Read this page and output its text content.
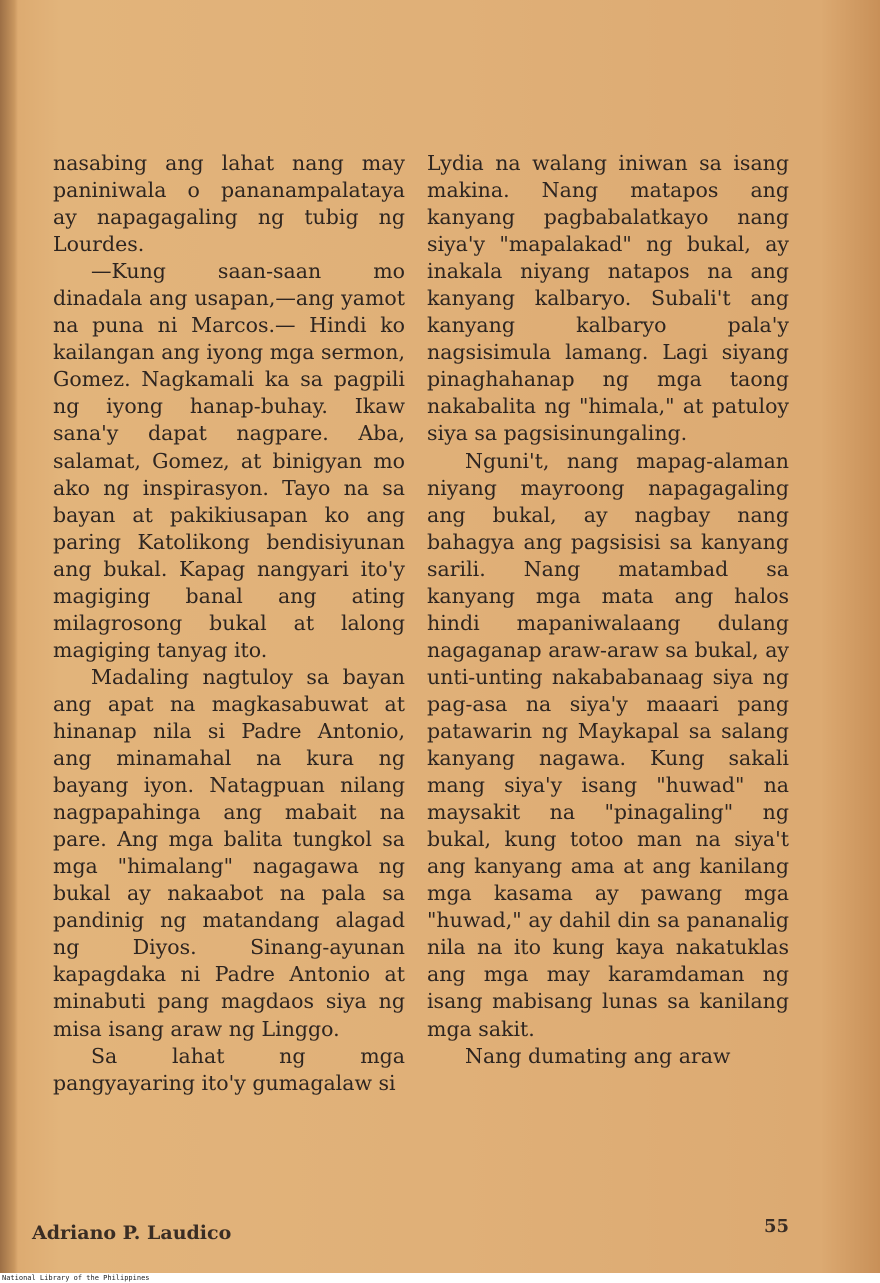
nasabing ang lahat nang may paniniwala o pananampalataya ay napagagaling ng tubig ng Lourdes.

—Kung saan-saan mo dinadala ang usapan,—ang yamot na puna ni Marcos.— Hindi ko kailangan ang iyong mga sermon, Gomez. Nagkamali ka sa pagpili ng iyong hanap-buhay. Ikaw sana'y dapat nagpare. Aba, salamat, Gomez, at binigyan mo ako ng inspirasyon. Tayo na sa bayan at pakikiusapan ko ang paring Katolikong bendisiyunan ang bukal. Kapag nangyari ito'y magiging banal ang ating milagrosong bukal at lalong magiging tanyag ito.

Madaling nagtuloy sa bayan ang apat na magkasabuwat at hinanap nila si Padre Antonio, ang minamahal na kura ng bayang iyon. Natagpuan nilang nagpapahinga ang mabait na pare. Ang mga balita tungkol sa mga "himalang" nagagawa ng bukal ay nakaabot na pala sa pandinig ng matandang alagad ng Diyos. Sinang-ayunan kapagdaka ni Padre Antonio at minabuti pang magdaos siya ng misa isang araw ng Linggo.

Sa lahat ng mga pangyayaring ito'y gumagalaw si

Lydia na walang iniwan sa isang makina. Nang matapos ang kanyang pagbabalatkayo nang siya'y "mapalakad" ng bukal, ay inakala niyang natapos na ang kanyang kalbaryo. Subali't ang kanyang kalbaryo pala'y nagsisimula lamang. Lagi siyang pinaghahanap ng mga taong nakabalita ng "himala," at patuloy siya sa pagsisinungaling.

Nguni't, nang mapag-alaman niyang mayroong napagagaling ang bukal, ay nagbay nang bahagya ang pagsisisi sa kanyang sarili. Nang matambad sa kanyang mga mata ang halos hindi mapaniwalaang dulang nagaganap araw-araw sa bukal, ay unti-unting nakababanaag siya ng pag-asa na siya'y maaari pang patawarin ng Maykapal sa salang kanyang nagawa. Kung sakali mang siya'y isang "huwad" na maysakit na "pinagaling" ng bukal, kung totoo man na siya't ang kanyang ama at ang kanilang mga kasama ay pawang mga "huwad," ay dahil din sa pananalig nila na ito kung kaya nakatuklas ang mga may karamdaman ng isang mabisang lunas sa kanilang mga sakit.

Nang dumating ang araw

Adriano P. Laudico	55
National Library of the Philippines
